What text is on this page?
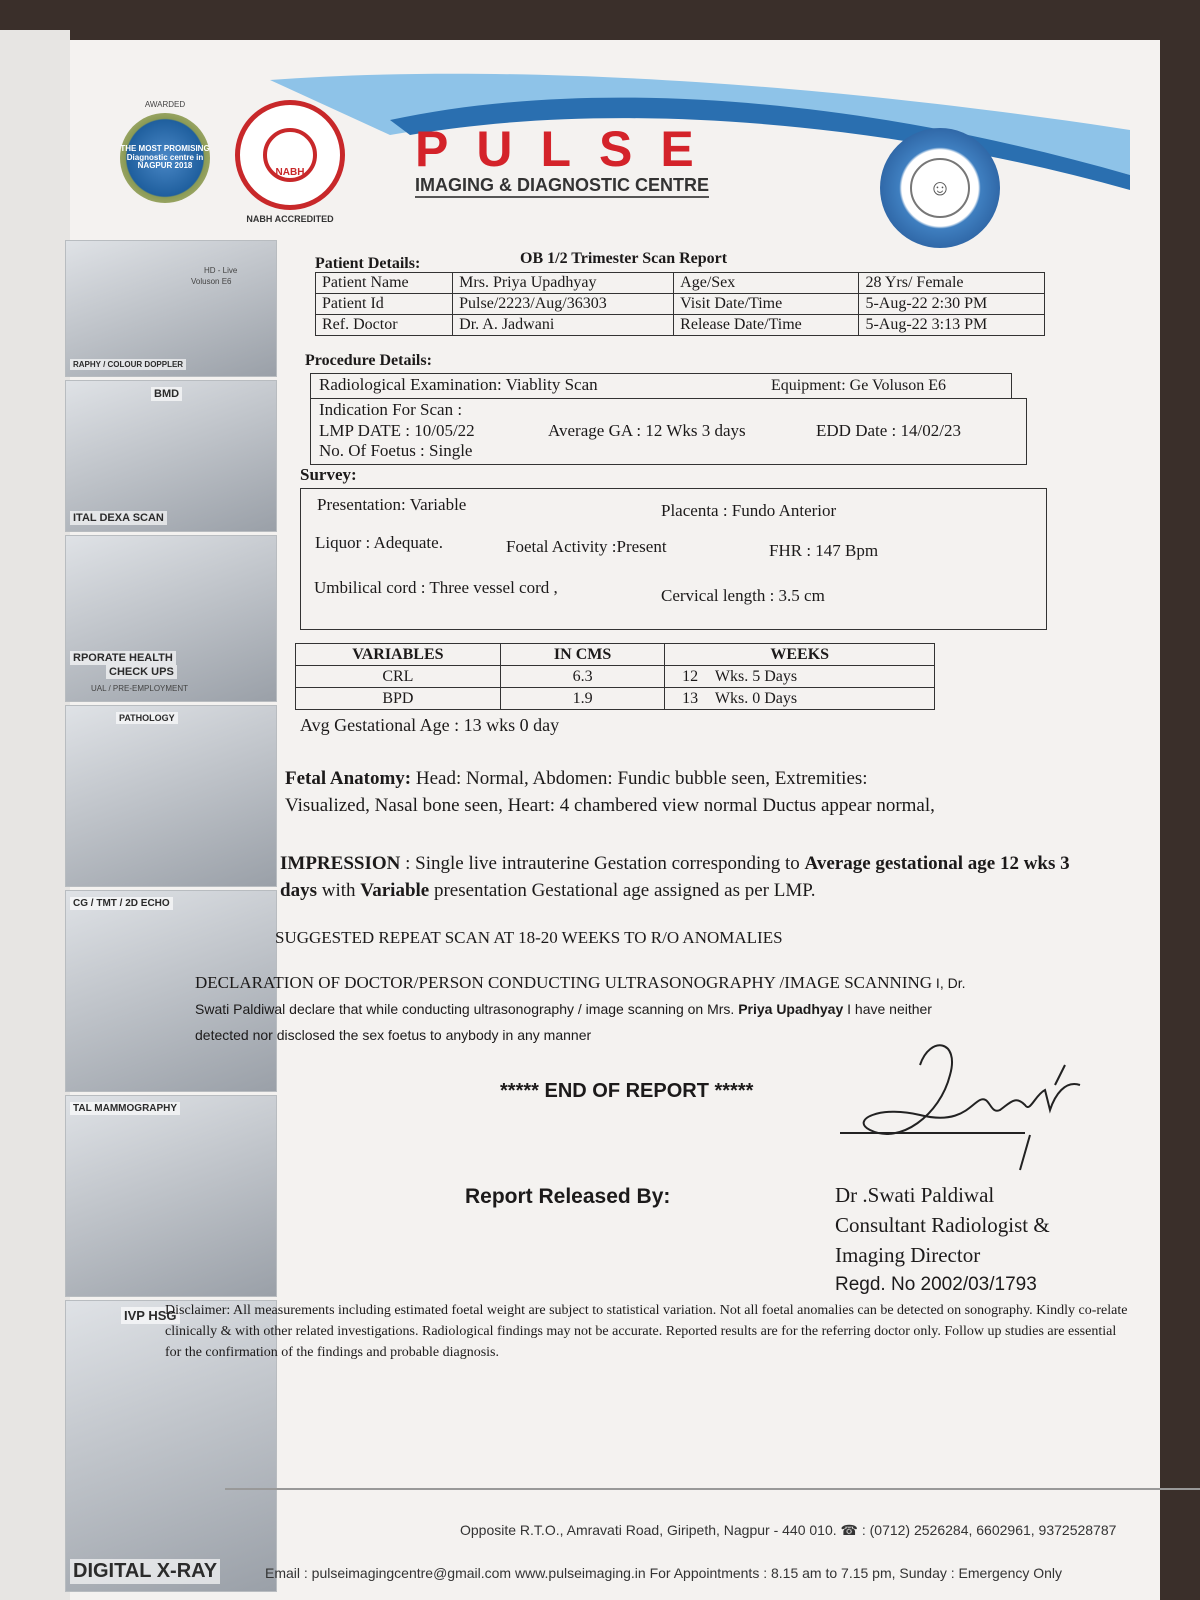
AWARDED
THE MOST PROMISING Diagnostic centre in NAGPUR 2018
NABH
NABH ACCREDITED
PULSE
IMAGING & DIAGNOSTIC CENTRE	☺
HD - Live
Voluson E6
RAPHY / COLOUR DOPPLER
BMD
ITAL DEXA SCAN
RPORATE HEALTH
CHECK UPS
UAL / PRE-EMPLOYMENT
PATHOLOGY
CG / TMT / 2D ECHO
TAL MAMMOGRAPHY
IVP HSG
DIGITAL X-RAY
OB 1/2 Trimester Scan Report
Patient Details:
Patient Name	Mrs. Priya Upadhyay	Age/Sex	28 Yrs/ Female
Patient Id	Pulse/2223/Aug/36303	Visit Date/Time	5-Aug-22 2:30 PM
Ref. Doctor	Dr. A. Jadwani	Release Date/Time	5-Aug-22 3:13 PM
Procedure Details:
Radiological Examination: Viablity Scan	Equipment: Ge Voluson E6
Indication For Scan :
LMP DATE : 10/05/22	Average GA : 12 Wks 3 days	EDD Date : 14/02/23
No. Of Foetus : Single
Survey:
Presentation: Variable	Placenta : Fundo Anterior
Liquor : Adequate.	Foetal Activity :Present	FHR : 147 Bpm
Umbilical cord : Three vessel cord ,	Cervical length : 3.5 cm
VARIABLES	IN CMS	WEEKS	
CRL	6.3	12	Wks. 5 Days
BPD	1.9	13	Wks. 0 Days
Avg Gestational Age : 13 wks 0 day
Fetal Anatomy: Head: Normal, Abdomen: Fundic bubble seen, Extremities:
Visualized, Nasal bone seen, Heart: 4 chambered view normal Ductus appear normal,
IMPRESSION : Single live intrauterine Gestation corresponding to Average gestational age 12 wks 3 days with Variable presentation Gestational age assigned as per LMP.
SUGGESTED REPEAT SCAN AT 18-20 WEEKS TO R/O ANOMALIES
DECLARATION OF DOCTOR/PERSON CONDUCTING ULTRASONOGRAPHY /IMAGE SCANNING I, Dr.
Swati Paldiwal declare that while conducting ultrasonography / image scanning on Mrs. Priya Upadhyay I have neither
detected nor disclosed the sex foetus to anybody in any manner
***** END OF REPORT *****
Report Released By:	Dr .Swati Paldiwal
Consultant Radiologist &
Imaging Director
Regd. No 2002/03/1793
Disclaimer: All measurements including estimated foetal weight are subject to statistical variation. Not all foetal anomalies can be detected on sonography. Kindly co-relate clinically & with other related investigations. Radiological findings may not be accurate. Reported results are for the referring doctor only. Follow up studies are essential for the confirmation of the findings and probable diagnosis.
Opposite R.T.O., Amravati Road, Giripeth, Nagpur - 440 010. ☎ : (0712) 2526284, 6602961, 9372528787
Email : pulseimagingcentre@gmail.com www.pulseimaging.in For Appointments : 8.15 am to 7.15 pm, Sunday : Emergency Only
